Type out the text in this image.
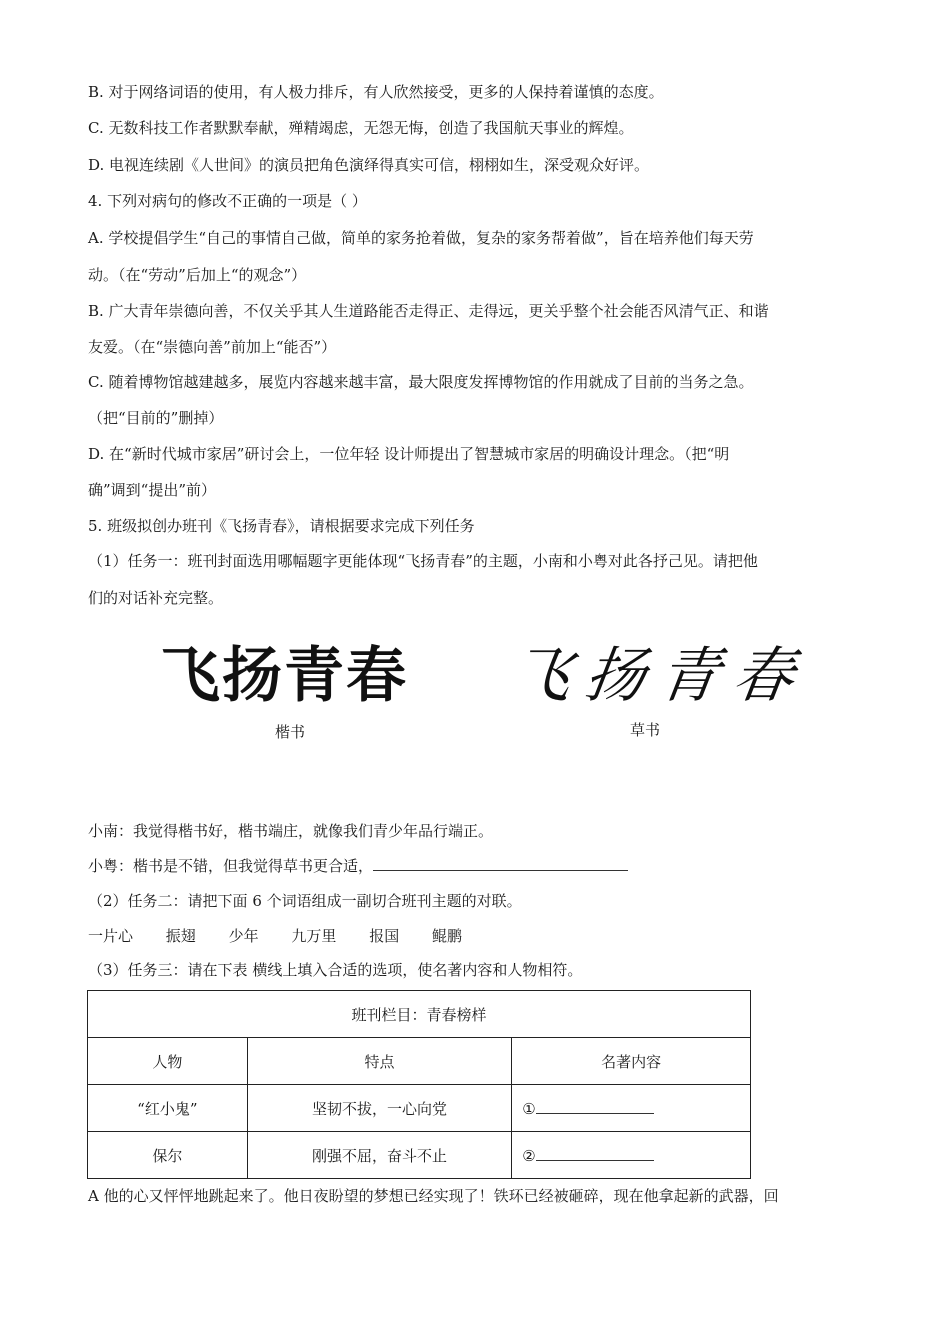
B. 对于网络词语的使用，有人极力排斥，有人欣然接受，更多的人保持着谨慎的态度。
C. 无数科技工作者默默奉献，殚精竭虑，无怨无悔，创造了我国航天事业的辉煌。
D. 电视连续剧《人世间》的演员把角色演绎得真实可信，栩栩如生，深受观众好评。
4. 下列对病句的修改不正确的一项是（ ）
A. 学校提倡学生“自己的事情自己做，简单的家务抢着做，复杂的家务帮着做”，旨在培养他们每天劳
动。（在“劳动”后加上“的观念”）
B. 广大青年崇德向善，不仅关乎其人生道路能否走得正、走得远，更关乎整个社会能否风清气正、和谐
友爱。（在“崇德向善”前加上“能否”）
C. 随着博物馆越建越多，展览内容越来越丰富，最大限度发挥博物馆的作用就成了目前的当务之急。
（把“目前的”删掉）
D. 在“新时代城市家居”研讨会上，一位年轻 设计师提出了智慧城市家居的明确设计理念。（把“明
确”调到“提出”前）
5. 班级拟创办班刊《飞扬青春》，请根据要求完成下列任务
（1）任务一：班刊封面选用哪幅题字更能体现“飞扬青春”的主题，小南和小粤对此各抒己见。请把他
们的对话补充完整。
飞扬青春 飞扬青春
楷书	草书
小南：我觉得楷书好，楷书端庄，就像我们青少年品行端正。
小粤：楷书是不错，但我觉得草书更合适，
（2）任务二：请把下面 6 个词语组成一副切合班刊主题的对联。
一片心 振翅 少年 九万里 报国 鲲鹏
（3）任务三：请在下表 横线上填入合适的选项，使名著内容和人物相符。
班刊栏目：青春榜样		
人物	特点	名著内容
“红小鬼”	坚韧不拔，一心向党	①
保尔	刚强不屈，奋斗不止	②
A 他的心又怦怦地跳起来了。他日夜盼望的梦想已经实现了！铁环已经被砸碎，现在他拿起新的武器，回
